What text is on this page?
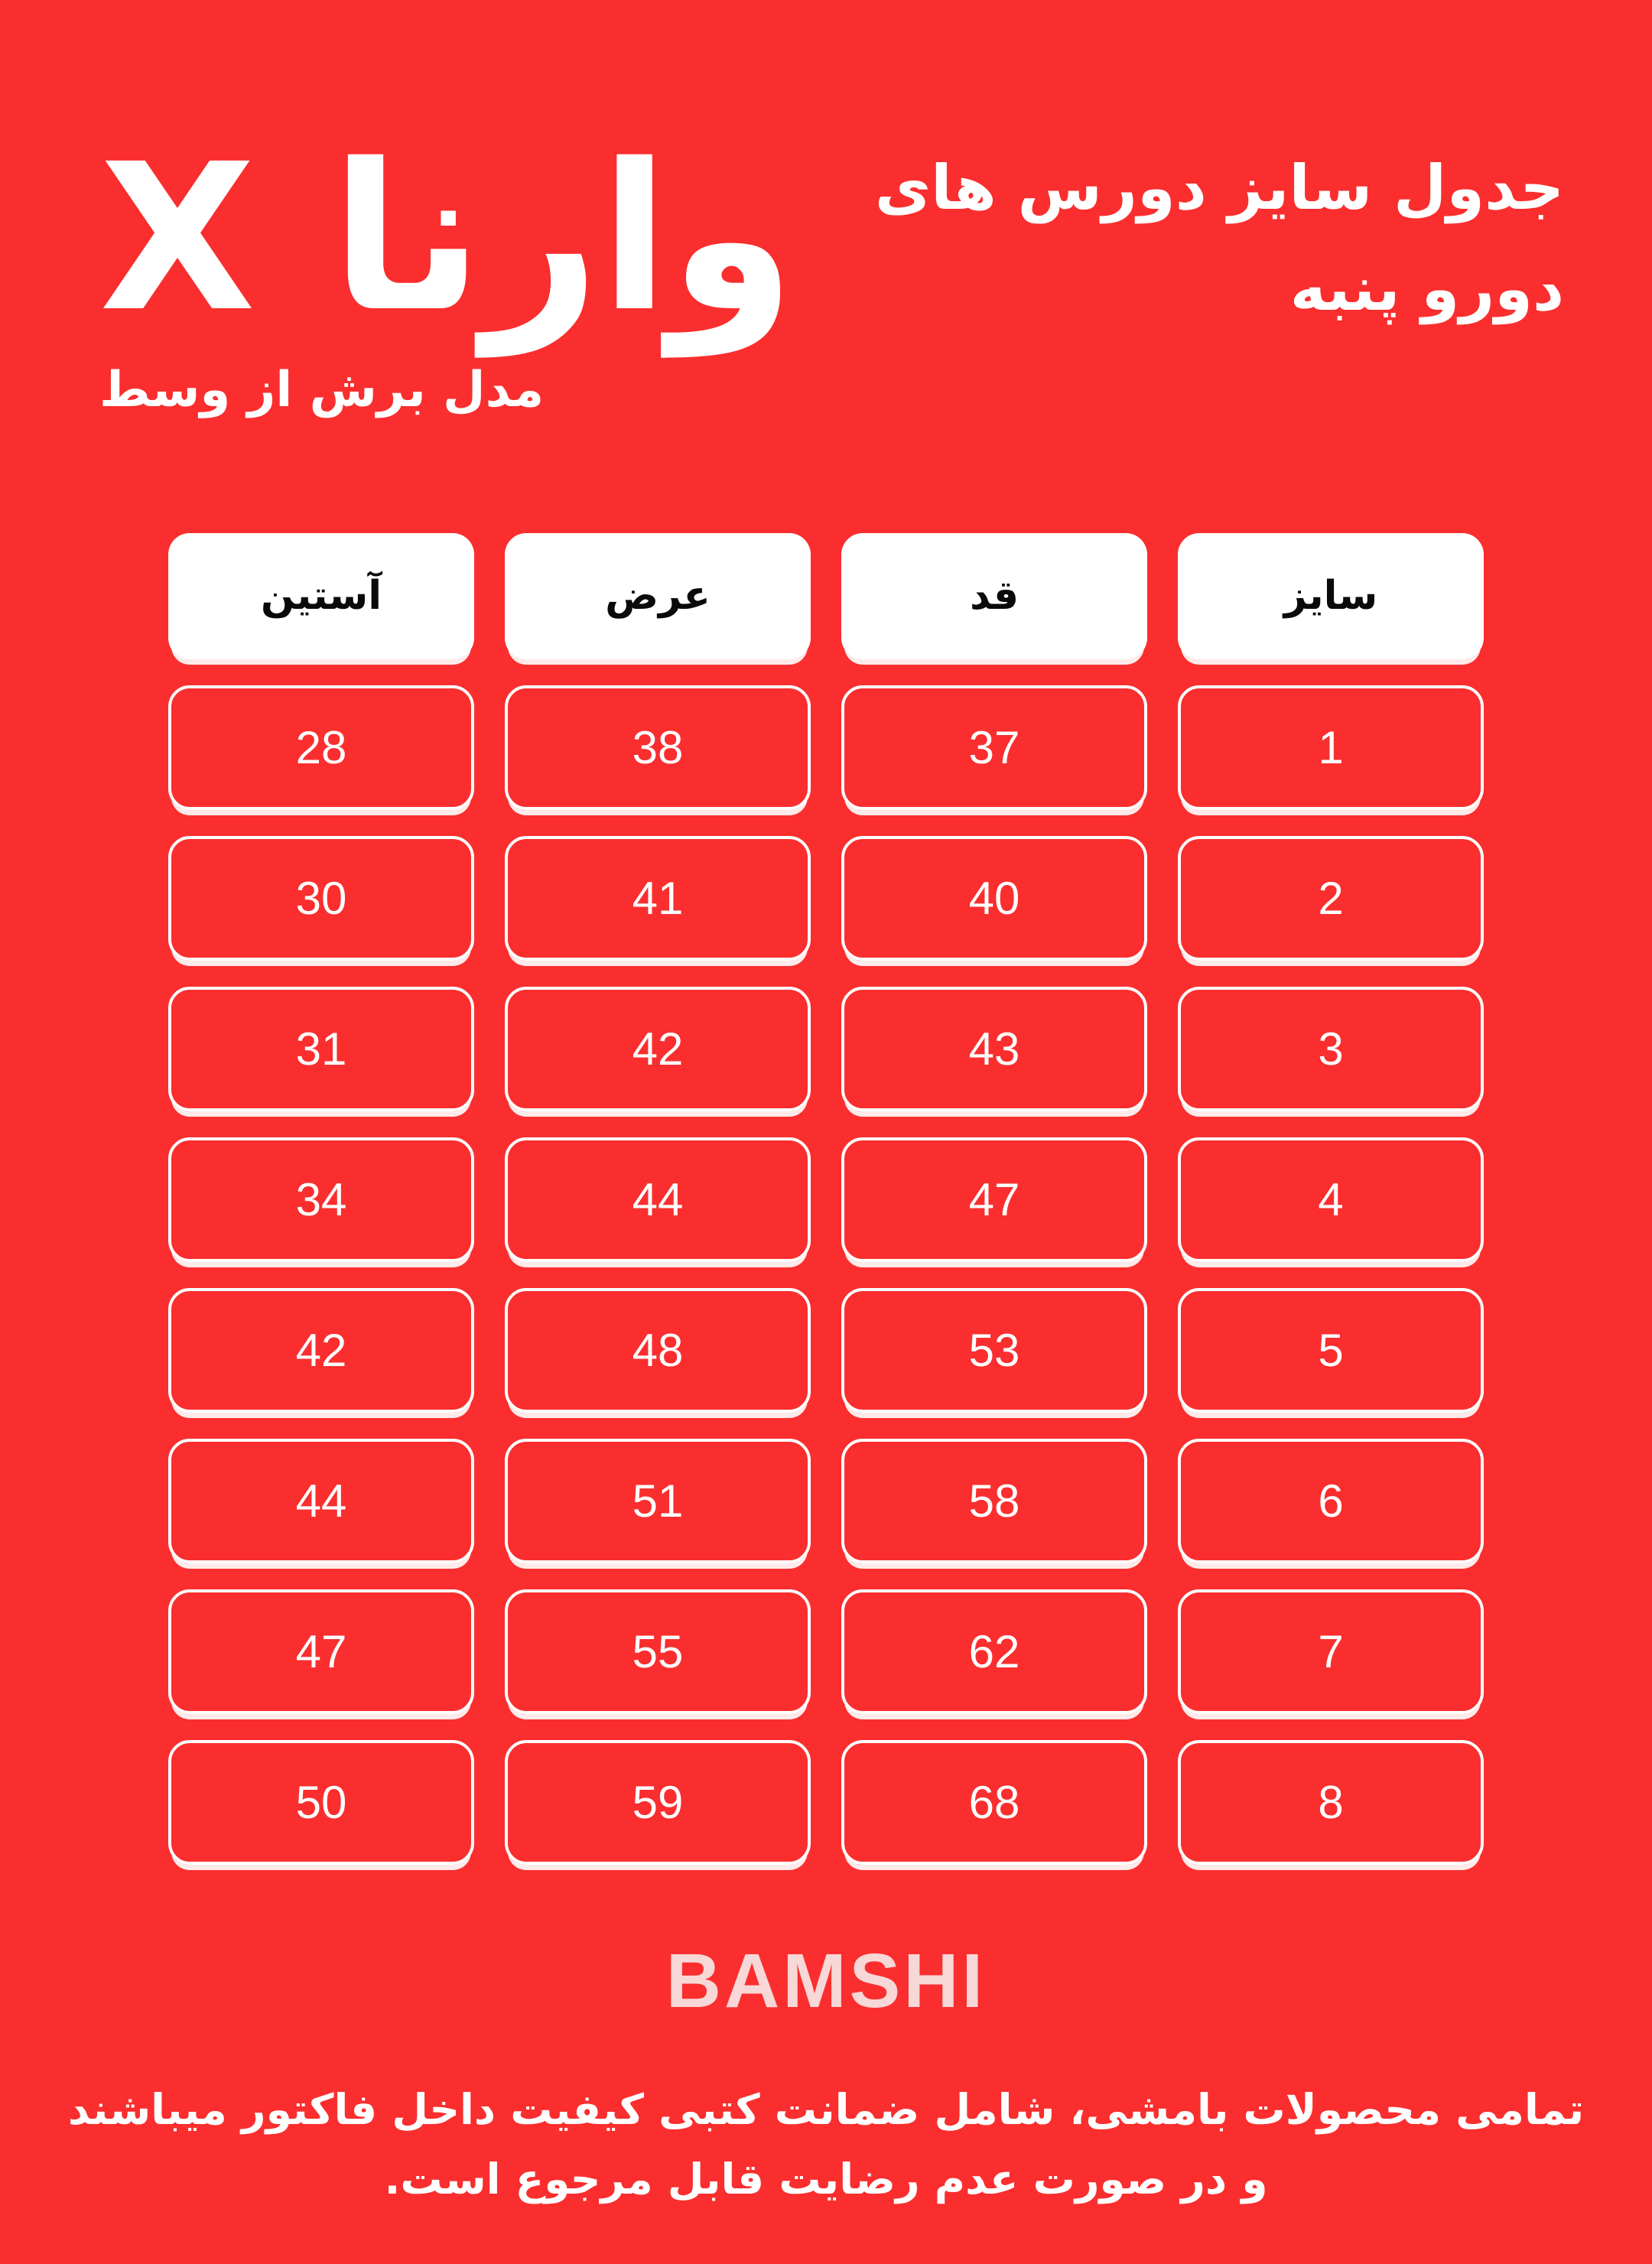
جدول سایز دورس های
دورو پنبه
وارنا X
مدل برش از وسط
سایز
قد
عرض
آستین
1
37
38
28
2
40
41
30
3
43
42
31
4
47
44
34
5
53
48
42
6
58
51
44
7
62
55
47
8
68
59
50
BAMSHI
تمامی محصولات بامشی، شامل ضمانت کتبی کیفیت داخل فاکتور میباشند
و در صورت عدم رضایت قابل مرجوع است.
